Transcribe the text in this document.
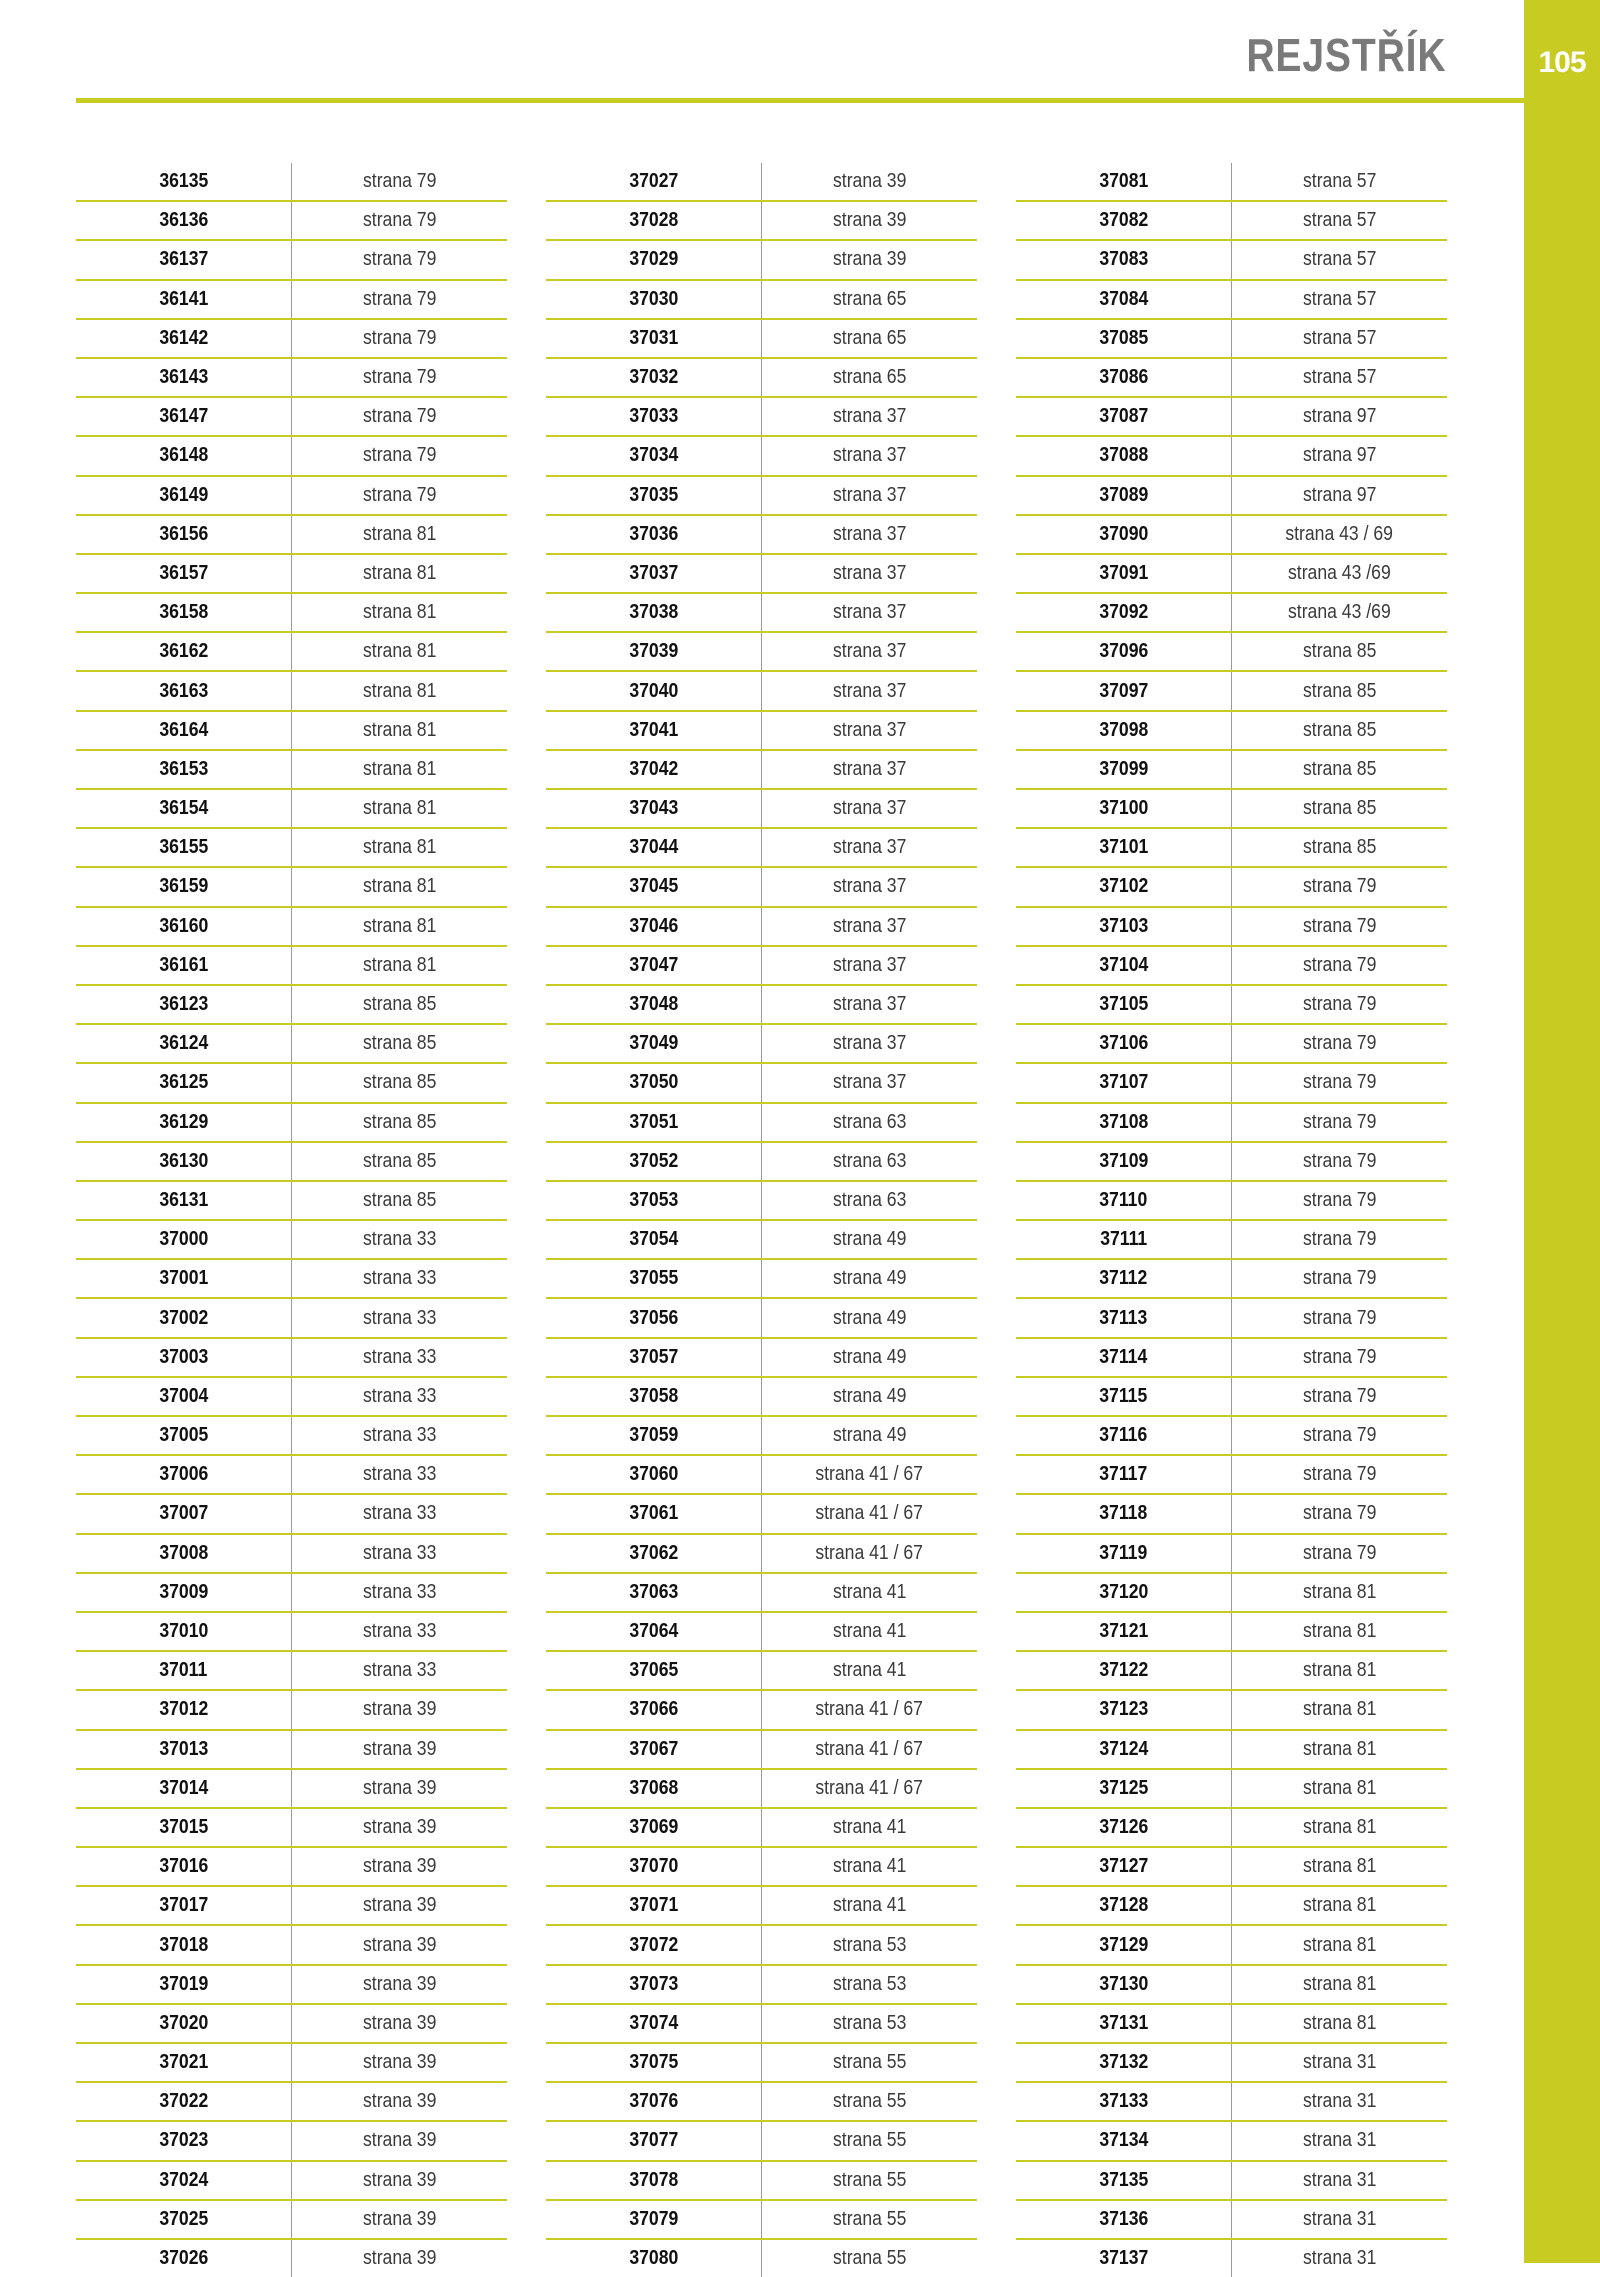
105
REJSTŘÍK
36135	strana 79
36136	strana 79
36137	strana 79
36141	strana 79
36142	strana 79
36143	strana 79
36147	strana 79
36148	strana 79
36149	strana 79
36156	strana 81
36157	strana 81
36158	strana 81
36162	strana 81
36163	strana 81
36164	strana 81
36153	strana 81
36154	strana 81
36155	strana 81
36159	strana 81
36160	strana 81
36161	strana 81
36123	strana 85
36124	strana 85
36125	strana 85
36129	strana 85
36130	strana 85
36131	strana 85
37000	strana 33
37001	strana 33
37002	strana 33
37003	strana 33
37004	strana 33
37005	strana 33
37006	strana 33
37007	strana 33
37008	strana 33
37009	strana 33
37010	strana 33
37011	strana 33
37012	strana 39
37013	strana 39
37014	strana 39
37015	strana 39
37016	strana 39
37017	strana 39
37018	strana 39
37019	strana 39
37020	strana 39
37021	strana 39
37022	strana 39
37023	strana 39
37024	strana 39
37025	strana 39
37026	strana 39
37027	strana 39
37028	strana 39
37029	strana 39
37030	strana 65
37031	strana 65
37032	strana 65
37033	strana 37
37034	strana 37
37035	strana 37
37036	strana 37
37037	strana 37
37038	strana 37
37039	strana 37
37040	strana 37
37041	strana 37
37042	strana 37
37043	strana 37
37044	strana 37
37045	strana 37
37046	strana 37
37047	strana 37
37048	strana 37
37049	strana 37
37050	strana 37
37051	strana 63
37052	strana 63
37053	strana 63
37054	strana 49
37055	strana 49
37056	strana 49
37057	strana 49
37058	strana 49
37059	strana 49
37060	strana 41 / 67
37061	strana 41 / 67
37062	strana 41 / 67
37063	strana 41
37064	strana 41
37065	strana 41
37066	strana 41 / 67
37067	strana 41 / 67
37068	strana 41 / 67
37069	strana 41
37070	strana 41
37071	strana 41
37072	strana 53
37073	strana 53
37074	strana 53
37075	strana 55
37076	strana 55
37077	strana 55
37078	strana 55
37079	strana 55
37080	strana 55
37081	strana 57
37082	strana 57
37083	strana 57
37084	strana 57
37085	strana 57
37086	strana 57
37087	strana 97
37088	strana 97
37089	strana 97
37090	strana 43 / 69
37091	strana 43 /69
37092	strana 43 /69
37096	strana 85
37097	strana 85
37098	strana 85
37099	strana 85
37100	strana 85
37101	strana 85
37102	strana 79
37103	strana 79
37104	strana 79
37105	strana 79
37106	strana 79
37107	strana 79
37108	strana 79
37109	strana 79
37110	strana 79
37111	strana 79
37112	strana 79
37113	strana 79
37114	strana 79
37115	strana 79
37116	strana 79
37117	strana 79
37118	strana 79
37119	strana 79
37120	strana 81
37121	strana 81
37122	strana 81
37123	strana 81
37124	strana 81
37125	strana 81
37126	strana 81
37127	strana 81
37128	strana 81
37129	strana 81
37130	strana 81
37131	strana 81
37132	strana 31
37133	strana 31
37134	strana 31
37135	strana 31
37136	strana 31
37137	strana 31
